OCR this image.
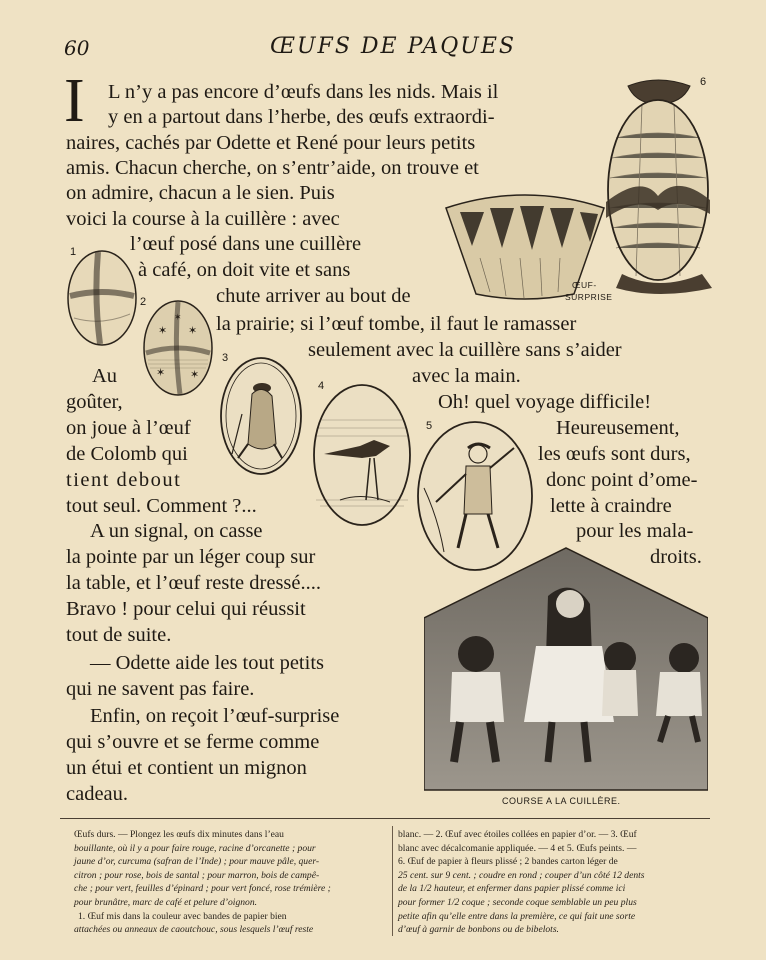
60	ŒUFS DE PAQUES
I L n’y a pas encore d’œufs dans les nids. Mais il
y en a partout dans l’herbe, des œufs extraordi-
naires, cachés par Odette et René pour leurs petits
amis. Chacun cherche, on s’entr’aide, on trouve et
on admire, chacun a le sien. Puis
voici la course à la cuillère : avec
l’œuf posé dans une cuillère
à café, on doit vite et sans
chute arriver au bout de
la prairie; si l’œuf tombe, il faut le ramasser
seulement avec la cuillère sans s’aider
Au	avec la main.
goûter,	Oh! quel voyage difficile!
on joue à l’œuf	Heureusement,
de Colomb qui	les œufs sont durs,
tient debout	donc point d’ome-
tout seul. Comment ?...	lette à craindre
A un signal, on casse	pour les mala-
la pointe par un léger coup sur	droits.
la table, et l’œuf reste dressé....
Bravo ! pour celui qui réussit
tout de suite.
— Odette aide les tout petits
qui ne savent pas faire.
Enfin, on reçoit l’œuf-surprise
qui s’ouvre et se ferme comme
un étui et contient un mignon
cadeau.
1
2
3
4
5
6
✶ ✶
✶ ✶
✶
ŒUF-
SURPRISE
COURSE A LA CUILLÈRE.
Œufs durs. — Plongez les œufs dix minutes dans l’eau
bouillante, où il y a pour faire rouge, racine d’orcanette ; pour
jaune d’or, curcuma (safran de l’Inde) ; pour mauve pâle, quer-
citron ; pour rose, bois de santal ; pour marron, bois de campê-
che ; pour vert, feuilles d’épinard ; pour vert foncé, rose trémière ;
pour brunâtre, marc de café et pelure d’oignon.
1. Œuf mis dans la couleur avec bandes de papier bien
attachées ou anneaux de caoutchouc, sous lesquels l’œuf reste
blanc. — 2. Œuf avec étoiles collées en papier d’or. — 3. Œuf
blanc avec décalcomanie appliquée. — 4 et 5. Œufs peints. —
6. Œuf de papier à fleurs plissé ; 2 bandes carton léger de
25 cent. sur 9 cent. ; coudre en rond ; couper d’un côté 12 dents
de la 1/2 hauteur, et enfermer dans papier plissé comme ici
pour former 1/2 coque ; seconde coque semblable un peu plus
petite afin qu’elle entre dans la première, ce qui fait une sorte
d’œuf à garnir de bonbons ou de bibelots.
